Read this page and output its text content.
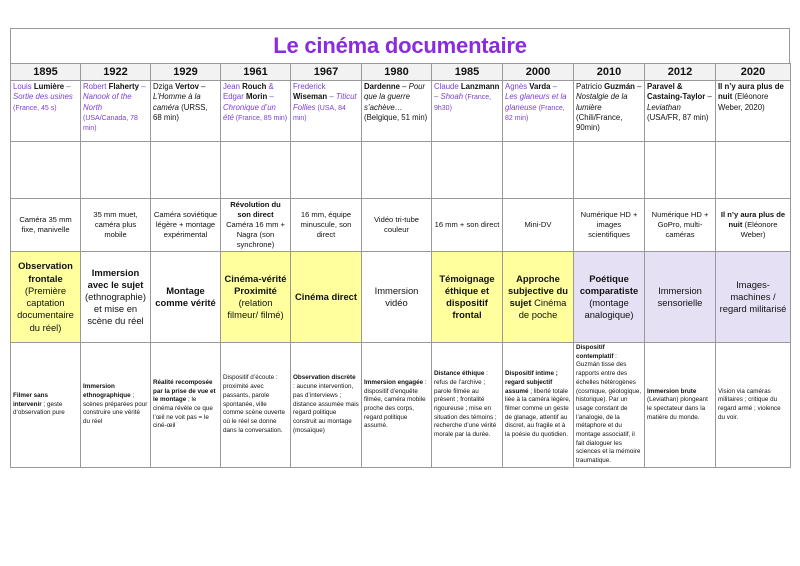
Le cinéma documentaire
1895	1922	1929	1961	1967	1980	1985	2000	2010	2012	2020
Louis Lumière – Sortie des usines (France, 45 s)	Robert Flaherty – Nanook of the North (USA/Canada, 78 min)	Dziga Vertov – L’Homme à la caméra (URSS, 68 min)	Jean Rouch & Edgar Morin – Chronique d’un été (France, 85 min)	Frederick Wiseman – Titicut Follies (USA, 84 min)	Dardenne – Pour que la guerre s’achève… (Belgique, 51 min)	Claude Lanzmann – Shoah (France, 9h30)	Agnès Varda – Les glaneurs et la glaneuse (France, 82 min)	Patricio Guzmán – Nostalgie de la lumière (Chili/France, 90min)	Paravel & Castaing-Taylor – Leviathan (USA/FR, 87 min)	Il n’y aura plus de nuit (Eléonore Weber, 2020)

Caméra 35 mm fixe, manivelle	35 mm muet, caméra plus mobile	Caméra soviétique légère + montage expérimental	Révolution du son direct Caméra 16 mm + Nagra (son synchrone)	16 mm, équipe minuscule, son direct	Vidéo tri-tube couleur	16 mm + son direct	Mini-DV	Numérique HD + images scientifiques	Numérique HD + GoPro, multi-caméras	Il n’y aura plus de nuit (Eléonore Weber)
Observation frontale (Première captation documentaire du réel)	Immersion avec le sujet (ethnographie) et mise en scène du réel	Montage comme vérité	Cinéma-vérité Proximité (relation filmeur/ filmé)	Cinéma direct	Immersion vidéo	Témoignage éthique et dispositif frontal	Approche subjective du sujet Cinéma de poche	Poétique comparatiste (montage analogique)	Immersion sensorielle	Images-machines / regard militarisé
Filmer sans intervenir ; geste d’observation pure	Immersion ethnographique ; scènes préparées pour construire une vérité du réel	Réalité recomposée par la prise de vue et le montage ; le cinéma révèle ce que l’œil ne voit pas = le ciné-œil	Dispositif d’écoute : proximité avec passants, parole spontanée, ville comme scène ouverte où le réel se donne dans la conversation.	Observation discrète : aucune intervention, pas d’interviews ; distance assumée mais regard politique construit au montage (mosaïque)	Immersion engagée : dispositif d’enquête filmée, caméra mobile proche des corps, regard politique assumé.	Distance éthique : refus de l’archive ; parole filmée au présent ; frontalité rigoureuse ; mise en situation des témoins ; recherche d’une vérité morale par la durée.	Dispositif intime ; regard subjectif assumé ; liberté totale liée à la caméra légère, filmer comme un geste de glanage, attentif au discret, au fragile et à la poésie du quotidien.	Dispositif contemplatif : Guzmán tisse des rapports entre des échelles hétérogènes (cosmique, géologique, historique). Par un usage constant de l’analogie, de la métaphore et du montage associatif, il fait dialoguer les sciences et la mémoire traumatique.	Immersion brute (Leviathan) plongeant le spectateur dans la matière du monde.	Vision via caméras militaires ; critique du regard armé ; violence du voir.
